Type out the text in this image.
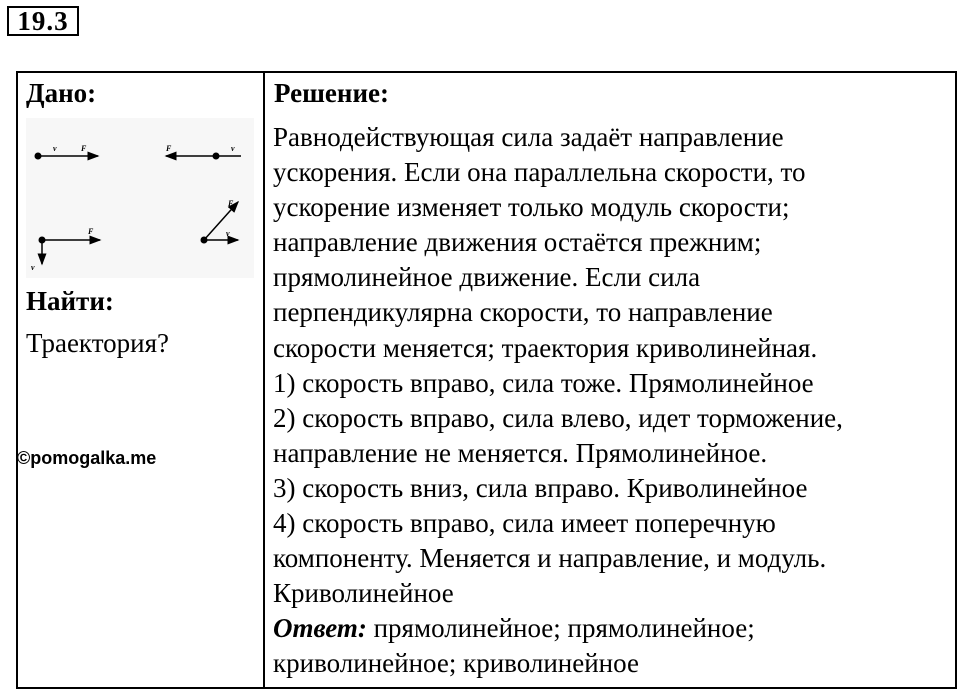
19.3
Дано:
v⃗ F⃗	F⃗	v⃗
F⃗
v⃗
F⃗
v⃗
Найти:
Траектория?
©pomogalka.me
Решение:
Равнодействующая сила задаёт направление
ускорения. Если она параллельна скорости, то
ускорение изменяет только модуль скорости;
направление движения остаётся прежним;
прямолинейное движение. Если сила
перпендикулярна скорости, то направление
скорости меняется; траектория криволинейная.
1) скорость вправо, сила тоже. Прямолинейное
2) скорость вправо, сила влево, идет торможение,
направление не меняется. Прямолинейное.
3) скорость вниз, сила вправо. Криволинейное
4) скорость вправо, сила имеет поперечную
компоненту. Меняется и направление, и модуль.
Криволинейное
Ответ: прямолинейное; прямолинейное;
криволинейное; криволинейное
